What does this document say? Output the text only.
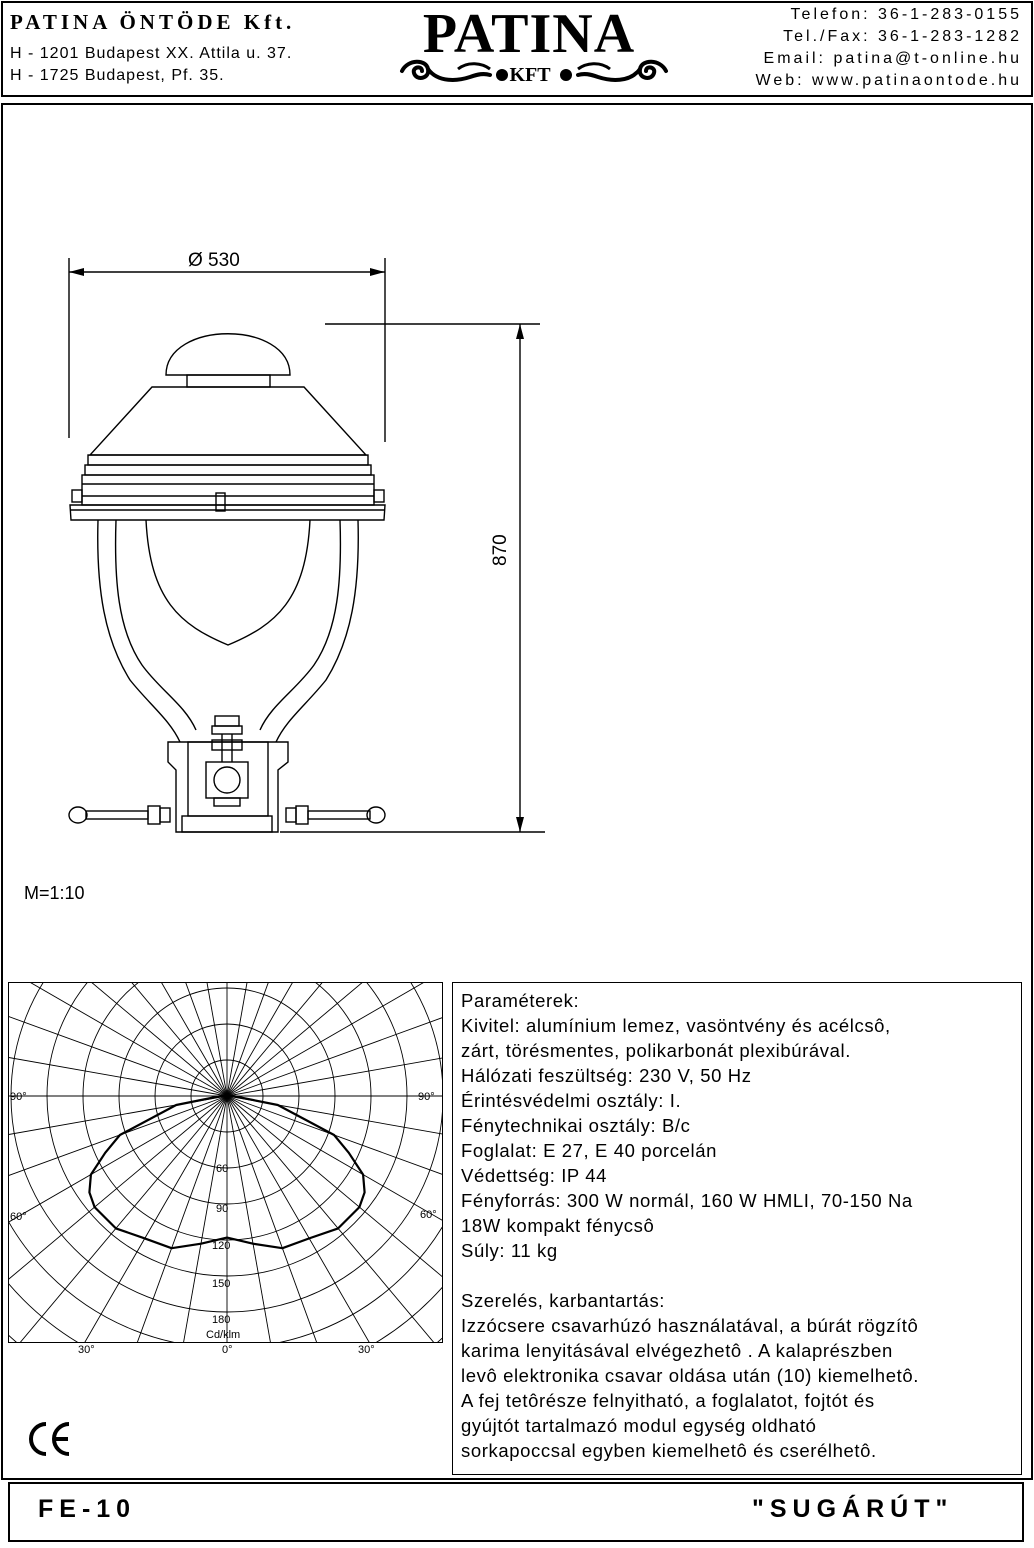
PATINA ÖNTÖDE Kft.
H - 1201 Budapest XX. Attila u. 37.
H - 1725 Budapest, Pf. 35.
PATINA
KFT
Telefon: 36-1-283-0155
Tel./Fax: 36-1-283-1282
Email: patina@t-online.hu
Web: www.patinaontode.hu
Ø 530
870
M=1:10
90°	90°
60°	60°
60
90
120
150
180
Cd/klm
30°	0°	30°
Paraméterek:
Kivitel: alumínium lemez, vasöntvény és acélcsô,
zárt, törésmentes, polikarbonát plexibúrával.
Hálózati feszültség: 230 V, 50 Hz
Érintésvédelmi osztály: I.
Fénytechnikai osztály: B/c
Foglalat: E 27, E 40 porcelán
Védettség: IP 44
Fényforrás: 300 W normál, 160 W HMLI, 70-150 Na
18W kompakt fénycsô
Súly: 11 kg
Szerelés, karbantartás:
Izzócsere csavarhúzó használatával, a búrát rögzítô
karima lenyitásával elvégezhetô . A kalaprészben
levô elektronika csavar oldása után (10) kiemelhetô.
A fej tetôrésze felnyitható, a foglalatot, fojtót és
gyújtót tartalmazó modul egység oldható
sorkapoccsal egyben kiemelhetô és cserélhetô.
FE-10	"SUGÁRÚT"
